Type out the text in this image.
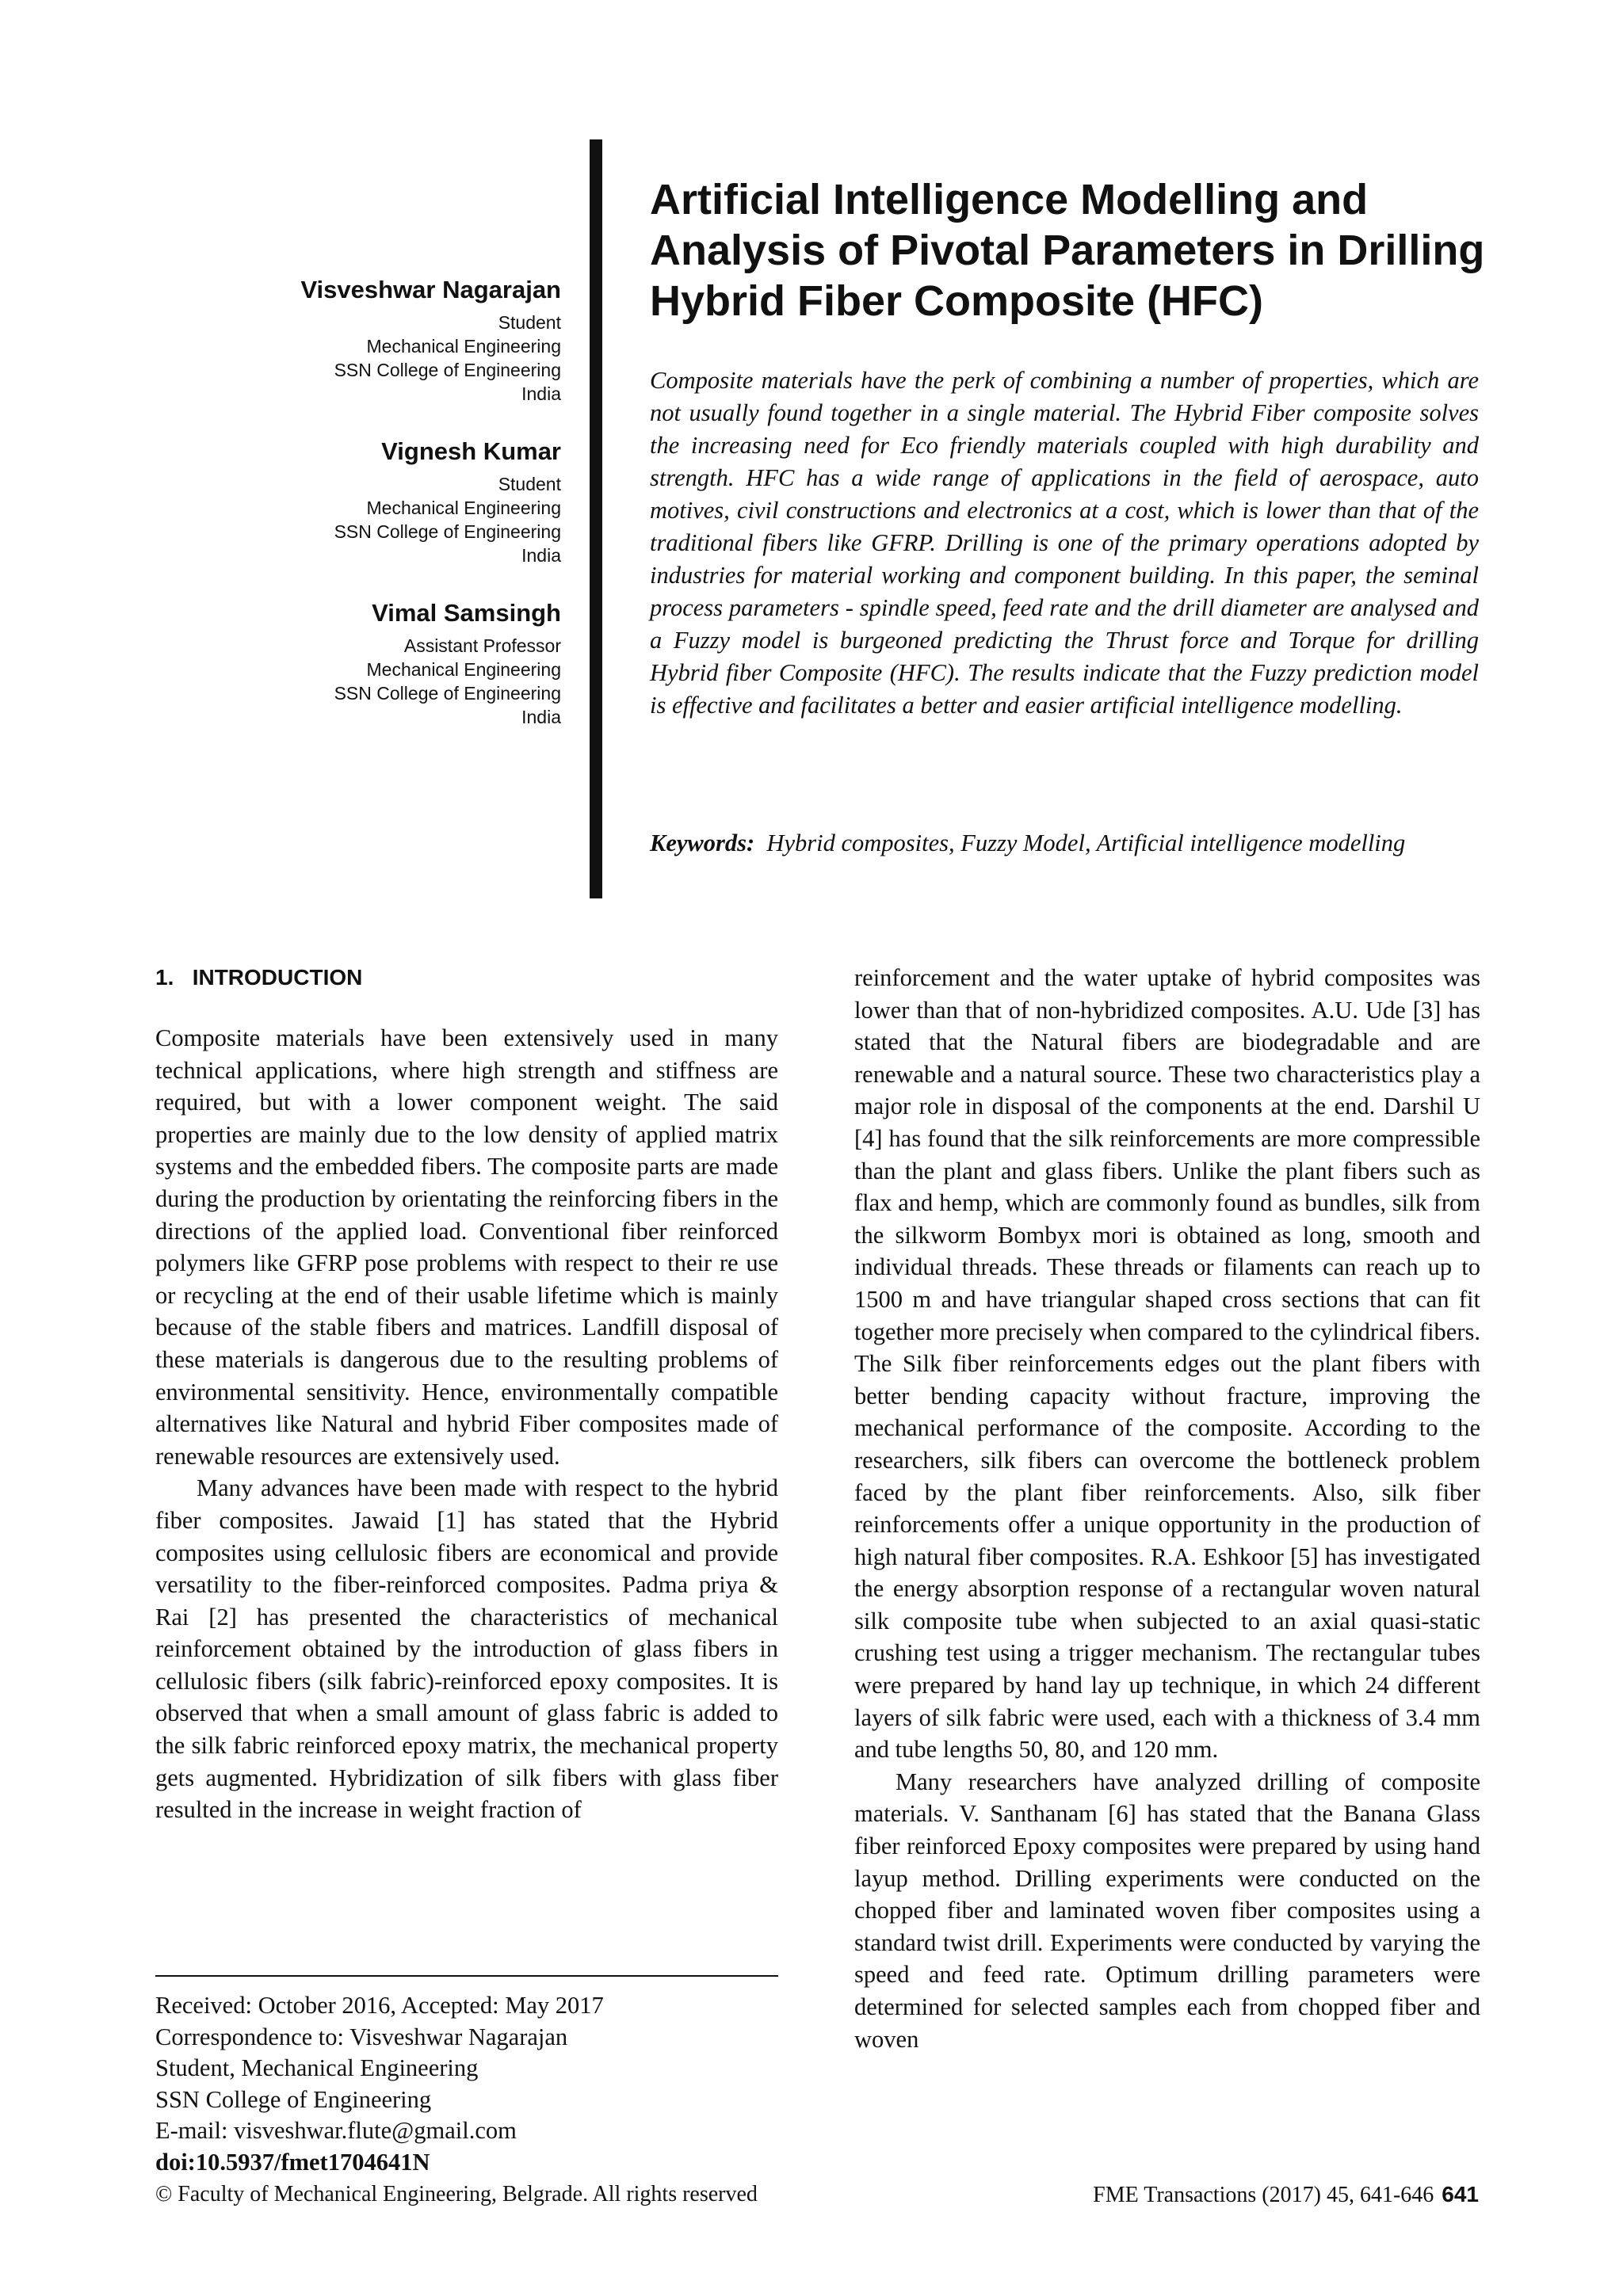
Visveshwar Nagarajan
Student
Mechanical Engineering
SSN College of Engineering
India
Vignesh Kumar
Student
Mechanical Engineering
SSN College of Engineering
India
Vimal Samsingh
Assistant Professor
Mechanical Engineering
SSN College of Engineering
India
Artificial Intelligence Modelling and Analysis of Pivotal Parameters in Drilling Hybrid Fiber Composite (HFC)

Composite materials have the perk of combining a number of properties, which are not usually found together in a single material. The Hybrid Fiber composite solves the increasing need for Eco friendly materials coupled with high durability and strength. HFC has a wide range of applications in the field of aerospace, auto motives, civil constructions and electronics at a cost, which is lower than that of the traditional fibers like GFRP. Drilling is one of the primary operations adopted by industries for material working and component building. In this paper, the seminal process parameters - spindle speed, feed rate and the drill diameter are analysed and a Fuzzy model is burgeoned predicting the Thrust force and Torque for drilling Hybrid fiber Composite (HFC). The results indicate that the Fuzzy prediction model is effective and facilitates a better and easier artificial intelligence modelling.

Keywords: Hybrid composites, Fuzzy Model, Artificial intelligence modelling

1. INTRODUCTION

Composite materials have been extensively used in many technical applications, where high strength and stiffness are required, but with a lower component weight. The said properties are mainly due to the low density of applied matrix systems and the embedded fibers. The composite parts are made during the production by orientating the reinforcing fibers in the directions of the applied load. Conventional fiber reinforced polymers like GFRP pose problems with respect to their re use or recycling at the end of their usable lifetime which is mainly because of the stable fibers and matrices. Landfill disposal of these materials is dangerous due to the resulting problems of environmental sensitivity. Hence, environmentally compatible alternatives like Natural and hybrid Fiber composites made of renewable resources are extensively used.

Many advances have been made with respect to the hybrid fiber composites. Jawaid [1] has stated that the Hybrid composites using cellulosic fibers are economical and provide versatility to the fiber-reinforced composites. Padma priya & Rai [2] has presented the characteristics of mechanical reinforcement obtained by the introduction of glass fibers in cellulosic fibers (silk fabric)-reinforced epoxy composites. It is observed that when a small amount of glass fabric is added to the silk fabric reinforced epoxy matrix, the mechanical property gets augmented. Hybridization of silk fibers with glass fiber resulted in the increase in weight fraction of

reinforcement and the water uptake of hybrid composites was lower than that of non-hybridized composites. A.U. Ude [3] has stated that the Natural fibers are biodegradable and are renewable and a natural source. These two characteristics play a major role in disposal of the components at the end. Darshil U [4] has found that the silk reinforcements are more compressible than the plant and glass fibers. Unlike the plant fibers such as flax and hemp, which are commonly found as bundles, silk from the silkworm Bombyx mori is obtained as long, smooth and individual threads. These threads or filaments can reach up to 1500 m and have triangular shaped cross sections that can fit together more precisely when compared to the cylindrical fibers. The Silk fiber reinforcements edges out the plant fibers with better bending capacity without fracture, improving the mechanical performance of the composite. According to the researchers, silk fibers can overcome the bottleneck problem faced by the plant fiber reinforcements. Also, silk fiber reinforcements offer a unique opportunity in the production of high natural fiber composites. R.A. Eshkoor [5] has investigated the energy absorption response of a rectangular woven natural silk composite tube when subjected to an axial quasi-static crushing test using a trigger mechanism. The rectangular tubes were prepared by hand lay up technique, in which 24 different layers of silk fabric were used, each with a thickness of 3.4 mm and tube lengths 50, 80, and 120 mm.

Many researchers have analyzed drilling of composite materials. V. Santhanam [6] has stated that the Banana Glass fiber reinforced Epoxy composites were prepared by using hand layup method. Drilling experiments were conducted on the chopped fiber and laminated woven fiber composites using a standard twist drill. Experiments were conducted by varying the speed and feed rate. Optimum drilling parameters were determined for selected samples each from chopped fiber and woven

Received: October 2016, Accepted: May 2017
Correspondence to: Visveshwar Nagarajan
Student, Mechanical Engineering
SSN College of Engineering
E-mail: visveshwar.flute@gmail.com
doi:10.5937/fmet1704641N
© Faculty of Mechanical Engineering, Belgrade. All rights reserved	FME Transactions (2017) 45, 641-646 641
